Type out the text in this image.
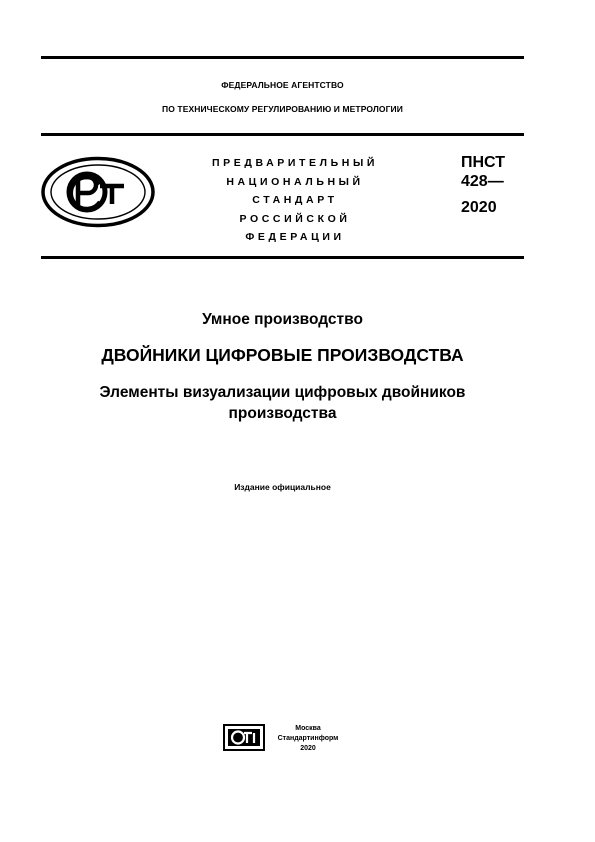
ФЕДЕРАЛЬНОЕ АГЕНТСТВО
ПО ТЕХНИЧЕСКОМУ РЕГУЛИРОВАНИЮ И МЕТРОЛОГИИ
ПРЕДВАРИТЕЛЬНЫЙ
НАЦИОНАЛЬНЫЙ
СТАНДАРТ
РОССИЙСКОЙ
ФЕДЕРАЦИИ
ПНСТ
428—
2020
Умное производство
ДВОЙНИКИ ЦИФРОВЫЕ ПРОИЗВОДСТВА
Элементы визуализации цифровых двойников
производства
Издание официальное
Москва
Стандартинформ
2020
